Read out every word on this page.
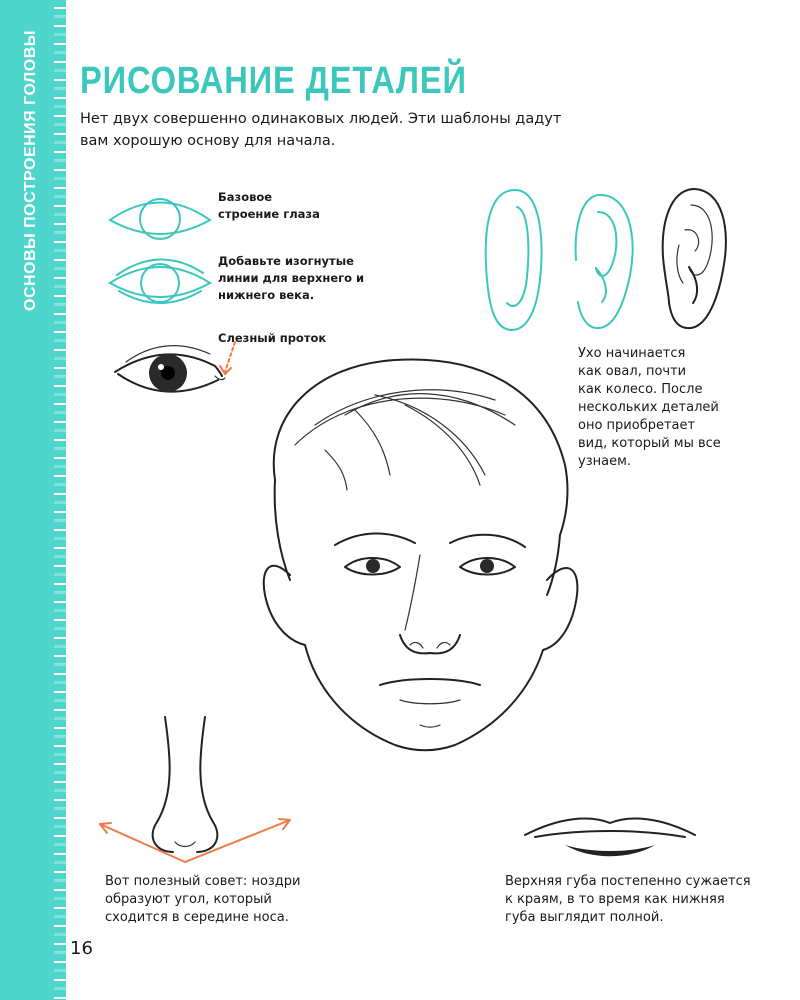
ОСНОВЫ ПОСТРОЕНИЯ ГОЛОВЫ РИСОВАНИЕ ДЕТАЛЕЙ
Нет двух совершенно одинаковых людей. Эти шаблоны дадут
вам хорошую основу для начала.
Базовое
строение глаза
Добавьте изогнутые
линии для верхнего и
нижнего века.
Слезный проток
Ухо начинается
как овал, почти
как колесо. После
нескольких деталей
оно приобретает
вид, который мы все
узнаем.
Вот полезный совет: ноздри
образуют угол, который
сходится в середине носа.
Верхняя губа постепенно сужается
к краям, в то время как нижняя
губа выглядит полной.
16
